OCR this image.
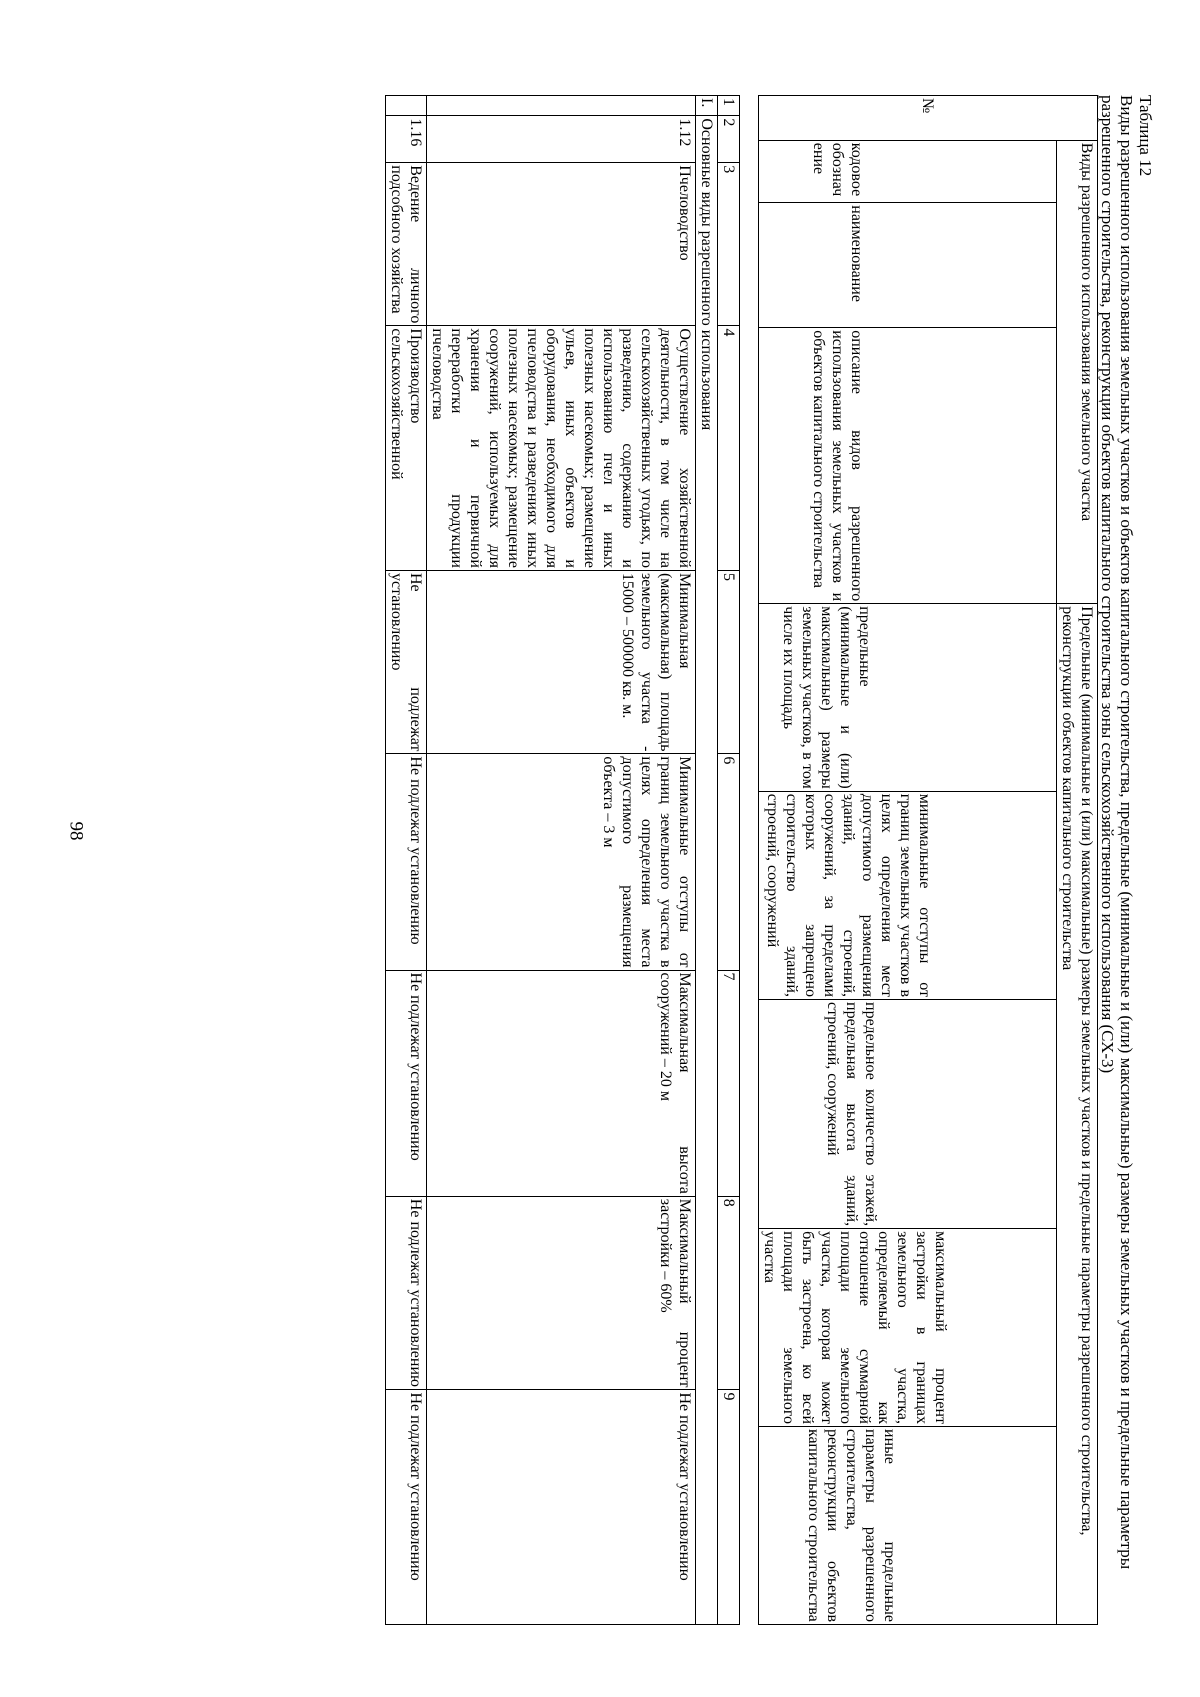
98
Таблица 12
Виды разрешенного использования земельных участков и объектов капитального строительства, предельные (минимальные и (или) максимальные) размеры земельных участков и предельные параметры разрешенного строительства, реконструкции объектов капитального строительства зоны сельскохозяйственного использования (СХ-3)
№	Виды разрешенного использования земельного участка			Предельные (минимальные и (или) максимальные) размеры земельных участков и предельные параметры разрешенного строительства, реконструкции объектов капитального строительства				
	кодовое обозначение	наименование	описание видов разрешенного использования земельных участков и объектов капитального строительства	предельные (минимальные и (или) максимальные) размеры земельных участков, в том числе их площадь	минимальные отступы от границ земельных участков в целях определения мест допустимого размещения зданий, строений, сооружений, за пределами которых запрещено строительство зданий, строений, сооружений	предельное количество этажей, предельная высота зданий, строений, сооружений	максимальный процент застройки в границах земельного участка, определяемый как отношение суммарной площади земельного участка, которая может быть застроена, ко всей площади земельного участка	иные предельные параметры разрешенного строительства, реконструкции объектов капитального строительства
1	2	3	4	5	6	7	8	9
I.	Основные виды разрешенного использования							
	1.12	Пчеловодство	Осуществление хозяйственной деятельности, в том числе на сельскохозяйственных угодьях, по разведению, содержанию и использованию пчел и иных полезных насекомых; размещение ульев, иных объектов и оборудования, необходимого для пчеловодства и разведениях иных полезных насекомых; размещение сооружений, используемых для хранения и первичной переработки продукции пчеловодства	Минимальная (максимальная) площадь земельного участка - 15000 – 500000 кв. м.	Минимальные отступы от границ земельного участка в целях определения места допустимого размещения объекта – 3 м	Максимальная высота сооружений – 20 м	Максимальный процент застройки – 60%	Не подлежат установлению
	1.16	Ведение личного подсобного хозяйства	Производство сельскохозяйственной	Не подлежат установлению	Не подлежат установлению	Не подлежат установлению	Не подлежат установлению	Не подлежат установлению
